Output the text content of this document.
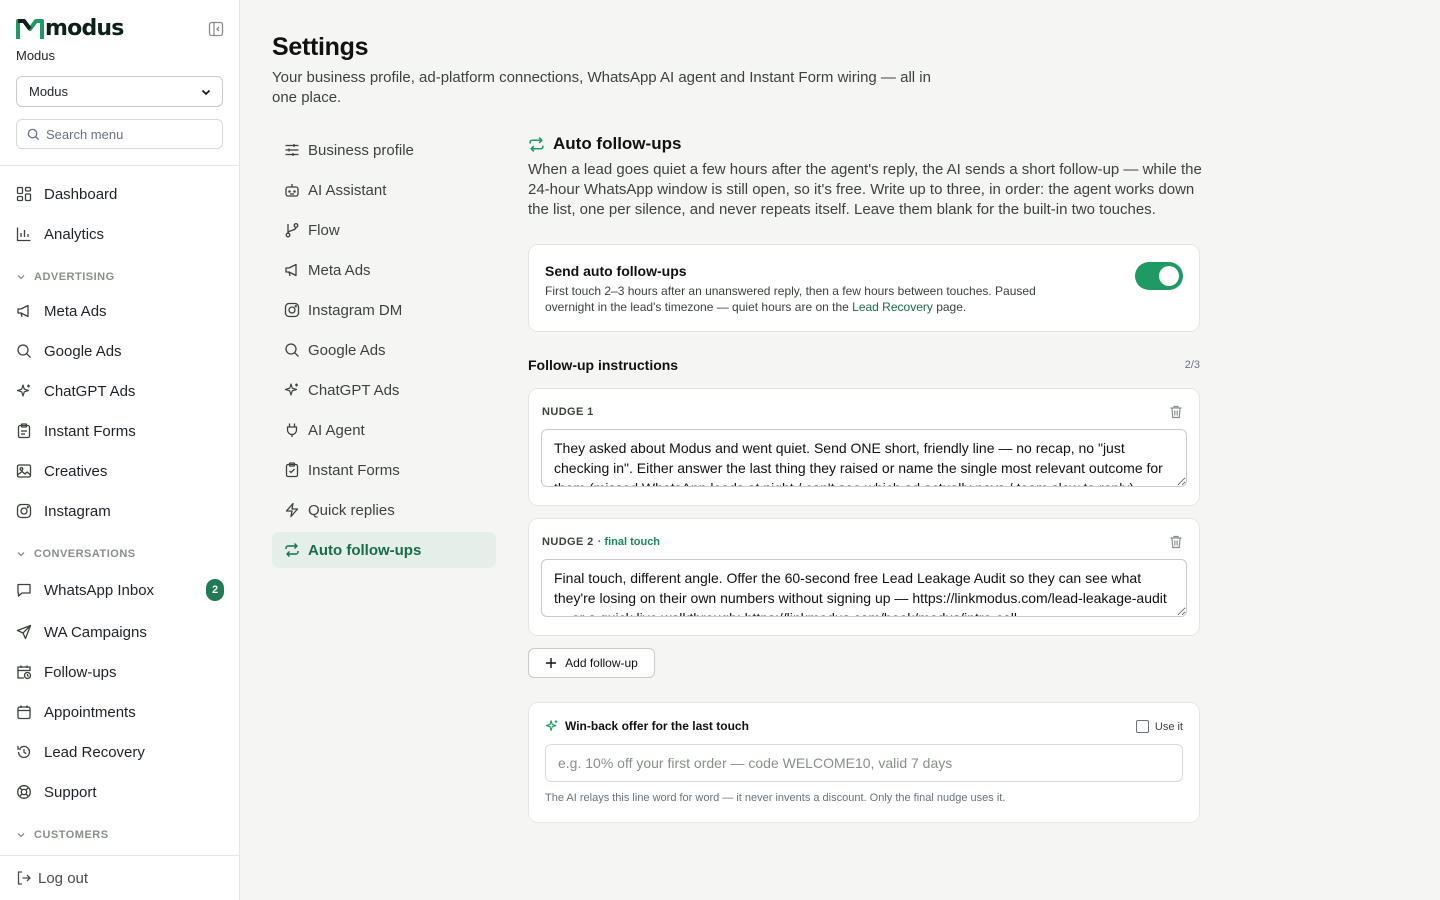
modus
Modus
Modus
Search menu
Dashboard
Analytics
ADVERTISING
Meta Ads
Google Ads
ChatGPT Ads
Instant Forms
Creatives
Instagram
CONVERSATIONS
WhatsApp Inbox	2
WA Campaigns
Follow-ups
Appointments
Lead Recovery
Support
CUSTOMERS
Log out
Settings

Your business profile, ad-platform connections, WhatsApp AI agent and Instant Form wiring — all in one place.

Business profile
AI Assistant
Flow
Meta Ads
Instagram DM
Google Ads
ChatGPT Ads
AI Agent
Instant Forms
Quick replies
Auto follow-ups
Auto follow-ups

When a lead goes quiet a few hours after the agent's reply, the AI sends a short follow-up — while the 24-hour WhatsApp window is still open, so it's free. Write up to three, in order: the agent works down the list, one per silence, and never repeats itself. Leave them blank for the built-in two touches.

Send auto follow-ups
First touch 2–3 hours after an unanswered reply, then a few hours between touches. Paused overnight in the lead's timezone — quiet hours are on the Lead Recovery page.
Follow-up instructions	2/3
NUDGE 1
They asked about Modus and went quiet. Send ONE short, friendly line — no recap, no "just checking in". Either answer the last thing they raised or name the single most relevant outcome for them (missed WhatsApp leads at night / can't see which ad actually pays / team slow to reply).
NUDGE 2 · final touch
Final touch, different angle. Offer the 60-second free Lead Leakage Audit so they can see what they're losing on their own numbers without signing up — https://linkmodus.com/lead-leakage-audit — or a quick live walkthrough: https://linkmodus.com/book/modus/intro-call
Add follow-up
Win-back offer for the last touch	Use it
e.g. 10% off your first order — code WELCOME10, valid 7 days
The AI relays this line word for word — it never invents a discount. Only the final nudge uses it.
